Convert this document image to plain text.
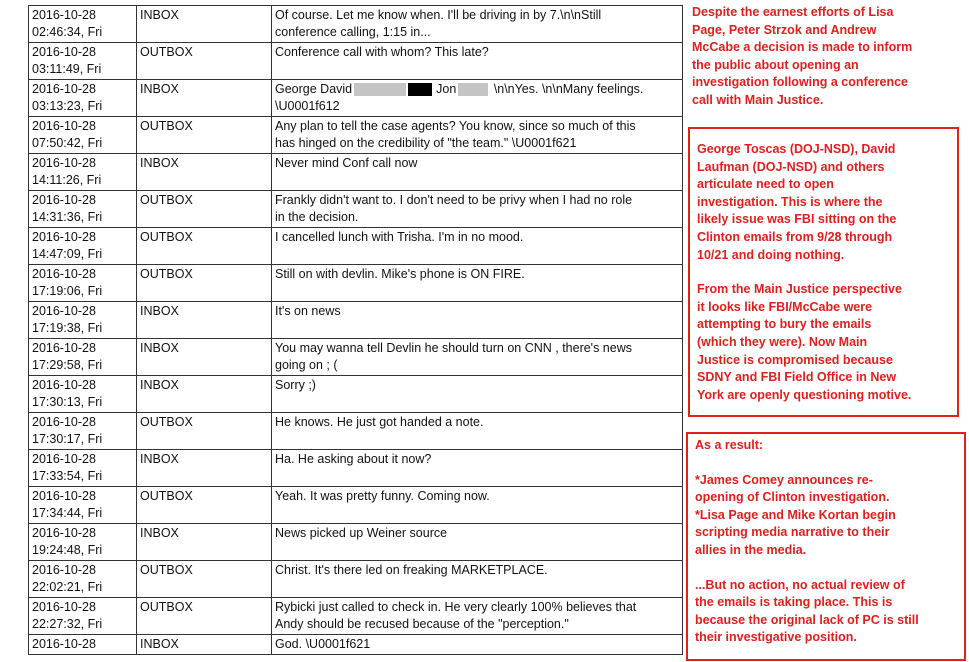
2016-10-28
02:46:34, Fri	INBOX	Of course. Let me know when. I'll be driving in by 7.\n\nStill
conference calling, 1:15 in...
2016-10-28
03:11:49, Fri	OUTBOX	Conference call with whom? This late?
2016-10-28
03:13:23, Fri	INBOX	George David Jon \n\nYes. \n\nMany feelings.
\U0001f612
2016-10-28
07:50:42, Fri	OUTBOX	Any plan to tell the case agents? You know, since so much of this
has hinged on the credibility of "the team." \U0001f621
2016-10-28
14:11:26, Fri	INBOX	Never mind Conf call now
2016-10-28
14:31:36, Fri	OUTBOX	Frankly didn't want to. I don't need to be privy when I had no role
in the decision.
2016-10-28
14:47:09, Fri	OUTBOX	I cancelled lunch with Trisha. I'm in no mood.
2016-10-28
17:19:06, Fri	OUTBOX	Still on with devlin. Mike's phone is ON FIRE.
2016-10-28
17:19:38, Fri	INBOX	It's on news
2016-10-28
17:29:58, Fri	INBOX	You may wanna tell Devlin he should turn on CNN , there's news
going on ; (
2016-10-28
17:30:13, Fri	INBOX	Sorry ;)
2016-10-28
17:30:17, Fri	OUTBOX	He knows. He just got handed a note.
2016-10-28
17:33:54, Fri	INBOX	Ha. He asking about it now?
2016-10-28
17:34:44, Fri	OUTBOX	Yeah. It was pretty funny. Coming now.
2016-10-28
19:24:48, Fri	INBOX	News picked up Weiner source
2016-10-28
22:02:21, Fri	OUTBOX	Christ. It's there led on freaking MARKETPLACE.
2016-10-28
22:27:32, Fri	OUTBOX	Rybicki just called to check in. He very clearly 100% believes that
Andy should be recused because of the "perception."
2016-10-28	INBOX	God. \U0001f621

Despite the earnest efforts of Lisa
Page, Peter Strzok and Andrew
McCabe a decision is made to inform
the public about opening an
investigation following a conference
call with Main Justice.

George Toscas (DOJ-NSD), David
Laufman (DOJ-NSD) and others
articulate need to open
investigation. This is where the
likely issue was FBI sitting on the
Clinton emails from 9/28 through
10/21 and doing nothing.

From the Main Justice perspective
it looks like FBI/McCabe were
attempting to bury the emails
(which they were). Now Main
Justice is compromised because
SDNY and FBI Field Office in New
York are openly questioning motive.

As a result:

*James Comey announces re-
opening of Clinton investigation.
*Lisa Page and Mike Kortan begin
scripting media narrative to their
allies in the media.

...But no action, no actual review of
the emails is taking place. This is
because the original lack of PC is still
their investigative position.
